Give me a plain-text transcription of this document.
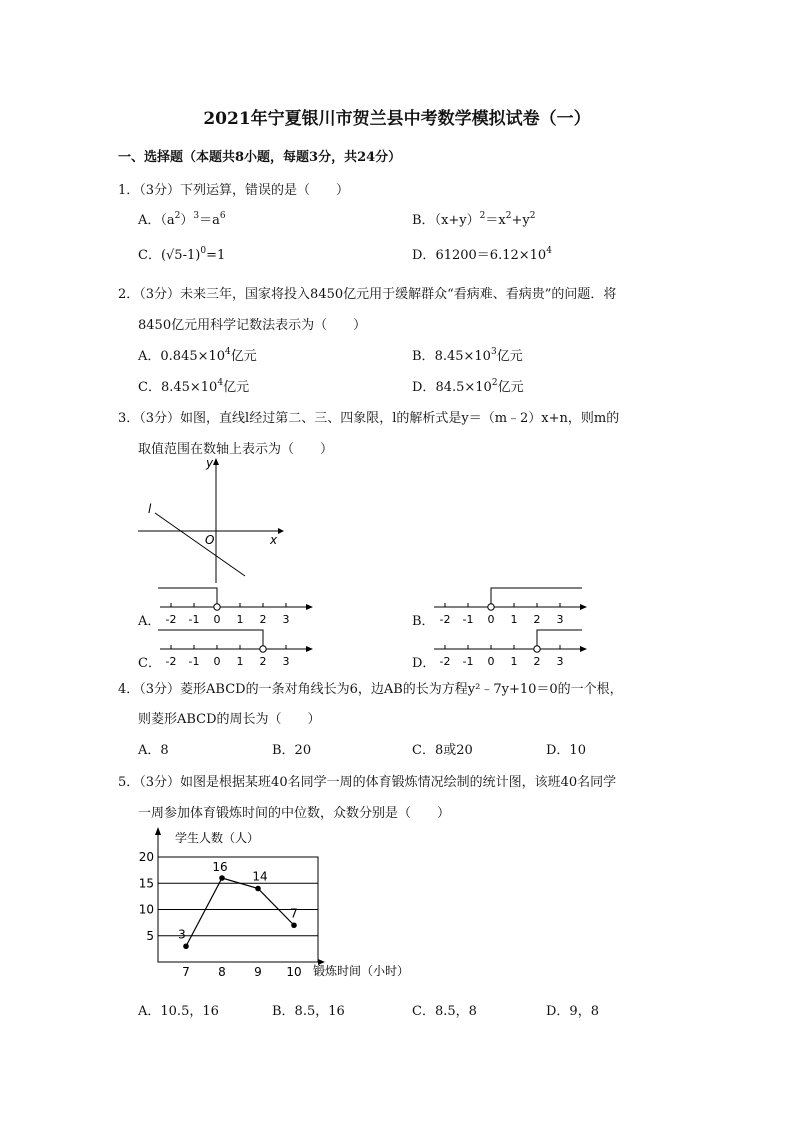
2021年宁夏银川市贺兰县中考数学模拟试卷（一）
一、选择题（本题共8小题，每题3分，共24分）
1．（3分）下列运算，错误的是（　　）
A．$(a^2)^3=a^6$	B．$(x+y)^2=x^2+y^2$
C．$(√5-1)^0=1$	D．$61200=6.12\times 10^4$
2．（3分）未来三年，国家将投入8450亿元用于缓解群众“看病难、看病贵”的问题．将
8450亿元用科学记数法表示为（　　）
A．$0.845\times 10^4$亿元	B．$8.45\times 10^3$亿元
C．$8.45\times 10^4$亿元	D．$84.5\times 10^2$亿元
3．（3分）如图，直线l经过第二、三、四象限，l的解析式是y＝（m﹣2）x+n，则m的
取值范围在数轴上表示为（　　）
y
x
O
l
A． -2 -1 0 1 2 3	B． -2 -1 0 1 2 3
C． -2 -1 0 1 2 3	D． -2 -1 0 1 2 3
4．（3分）菱形ABCD的一条对角线长为6，边AB的长为方程y²﹣7y+10＝0的一个根，
则菱形ABCD的周长为（　　）
A．8	B．20	C．8或20	D．10
5．（3分）如图是根据某班40名同学一周的体育锻炼情况绘制的统计图，该班40名同学
一周参加体育锻炼时间的中位数，众数分别是（　　）
5
10
15
20
学生人数（人）
锻炼时间（小时）
3
7
16
8
14
9
7
10
A．10.5，16	B．8.5，16	C．8.5，8	D．9，8
